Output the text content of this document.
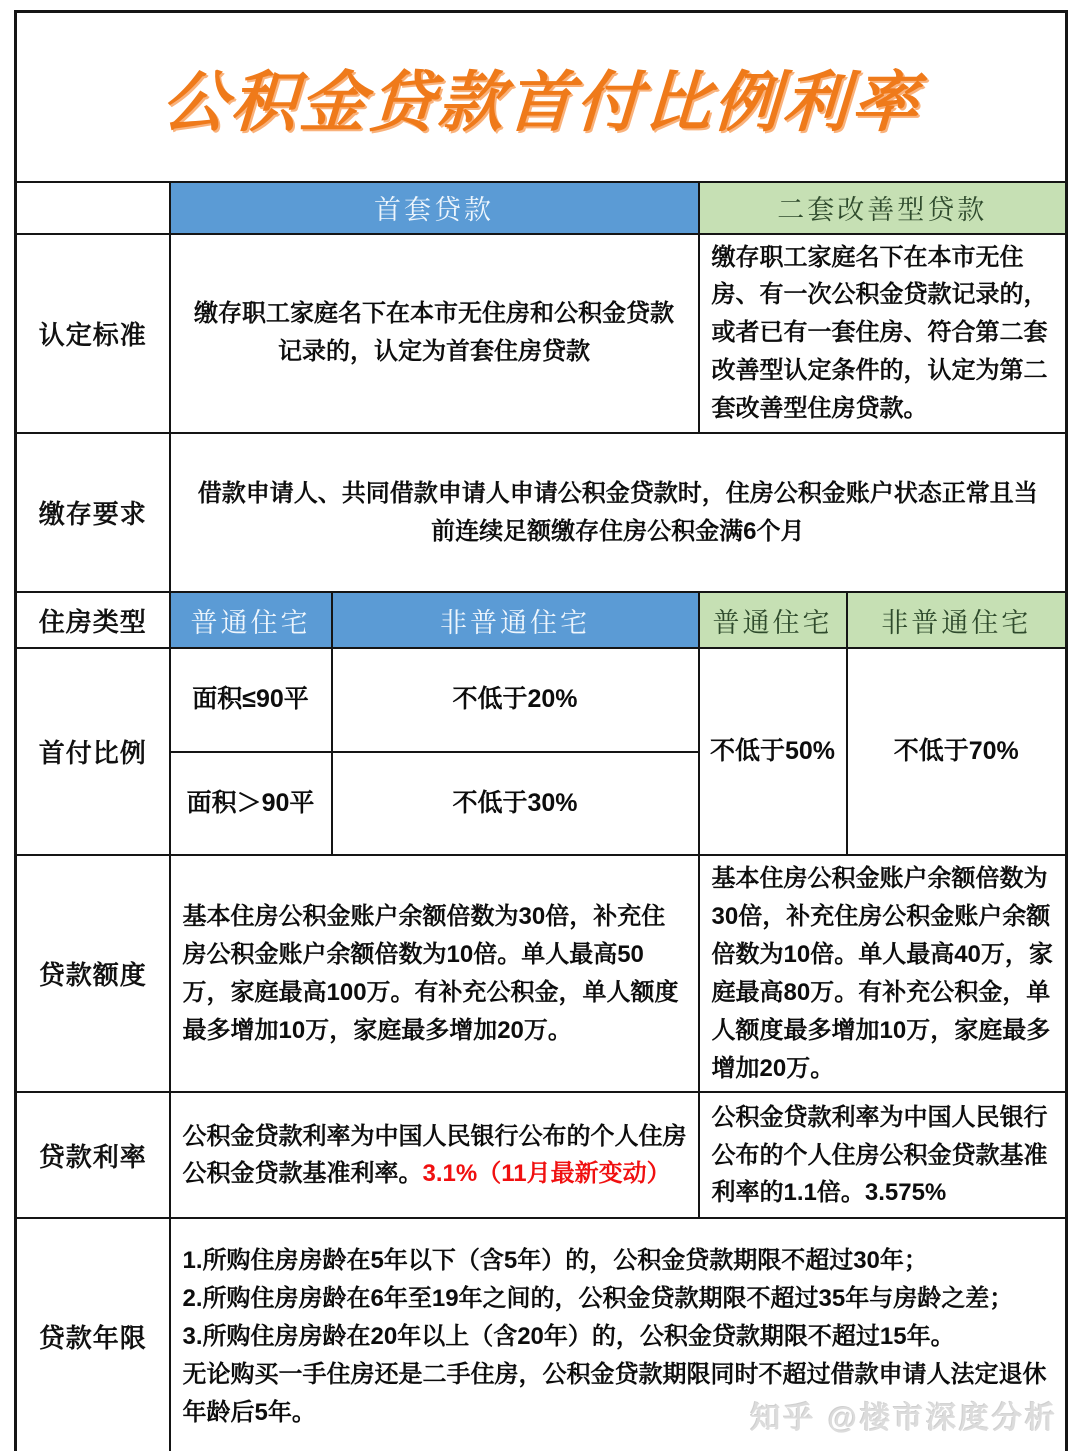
公积金贷款首付比例利率				
	首套贷款		二套改善型贷款	
认定标准	缴存职工家庭名下在本市无住房和公积金贷款记录的，认定为首套住房贷款		缴存职工家庭名下在本市无住房、有一次公积金贷款记录的，或者已有一套住房、符合第二套改善型认定条件的，认定为第二套改善型住房贷款。	
缴存要求	借款申请人、共同借款申请人申请公积金贷款时，住房公积金账户状态正常且当前连续足额缴存住房公积金满6个月			
住房类型	普通住宅	非普通住宅	普通住宅	非普通住宅
首付比例	面积≤90平	不低于20%	不低于50%	不低于70%
	面积＞90平	不低于30%		
贷款额度	基本住房公积金账户余额倍数为30倍，补充住房公积金账户余额倍数为10倍。单人最高50万，家庭最高100万。有补充公积金，单人额度最多增加10万，家庭最多增加20万。		基本住房公积金账户余额倍数为30倍，补充住房公积金账户余额倍数为10倍。单人最高40万，家庭最高80万。有补充公积金，单人额度最多增加10万，家庭最多增加20万。	
贷款利率	公积金贷款利率为中国人民银行公布的个人住房公积金贷款基准利率。3.1%（11月最新变动）		公积金贷款利率为中国人民银行公布的个人住房公积金贷款基准利率的1.1倍。3.575%	
贷款年限	1.所购住房房龄在5年以下（含5年）的，公积金贷款期限不超过30年；
2.所购住房房龄在6年至19年之间的，公积金贷款期限不超过35年与房龄之差；
3.所购住房房龄在20年以上（含20年）的，公积金贷款期限不超过15年。
无论购买一手住房还是二手住房，公积金贷款期限同时不超过借款申请人法定退休年龄后5年。				知乎 @楼市深度分析
